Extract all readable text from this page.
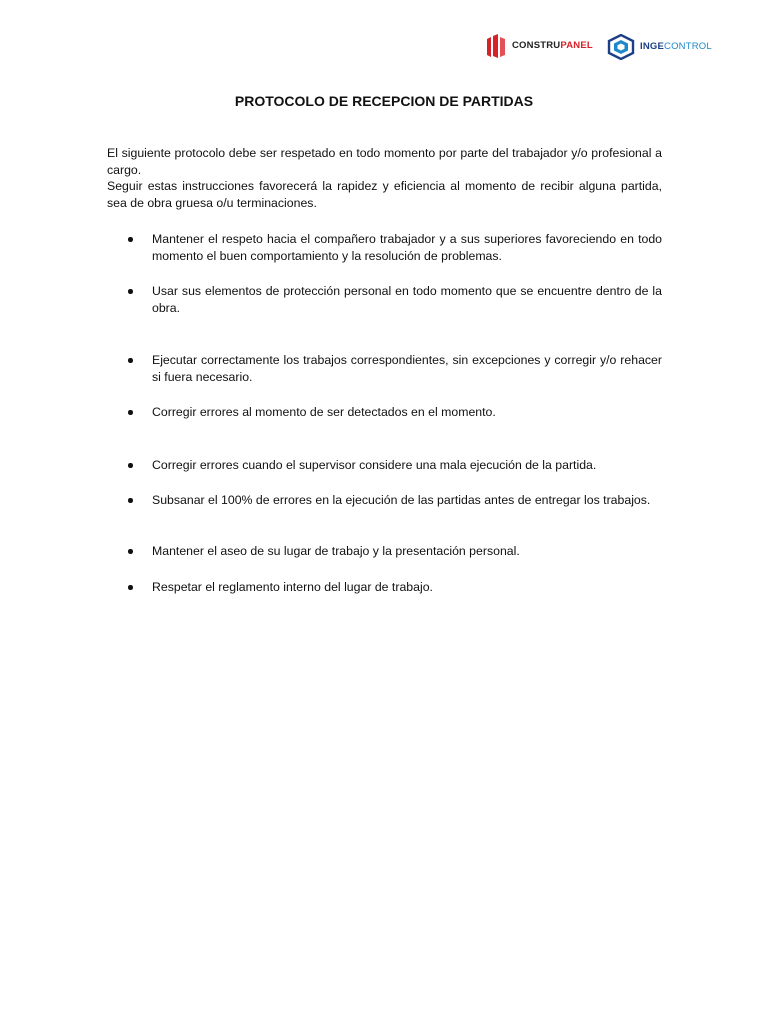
CONSTRUPANEL	INGECONTROL
PROTOCOLO DE RECEPCION DE PARTIDAS

El siguiente protocolo debe ser respetado en todo momento por parte del trabajador y/o profesional a cargo.

Seguir estas instrucciones favorecerá la rapidez y eficiencia al momento de recibir alguna partida, sea de obra gruesa o/u terminaciones.

Mantener el respeto hacia el compañero trabajador y a sus superiores favoreciendo en todo momento el buen comportamiento y la resolución de problemas.
Usar sus elementos de protección personal en todo momento que se encuentre dentro de la obra.
Ejecutar correctamente los trabajos correspondientes, sin excepciones y corregir y/o rehacer si fuera necesario.
Corregir errores al momento de ser detectados en el momento.
Corregir errores cuando el supervisor considere una mala ejecución de la partida.
Subsanar el 100% de errores en la ejecución de las partidas antes de entregar los trabajos.
Mantener el aseo de su lugar de trabajo y la presentación personal.
Respetar el reglamento interno del lugar de trabajo.
